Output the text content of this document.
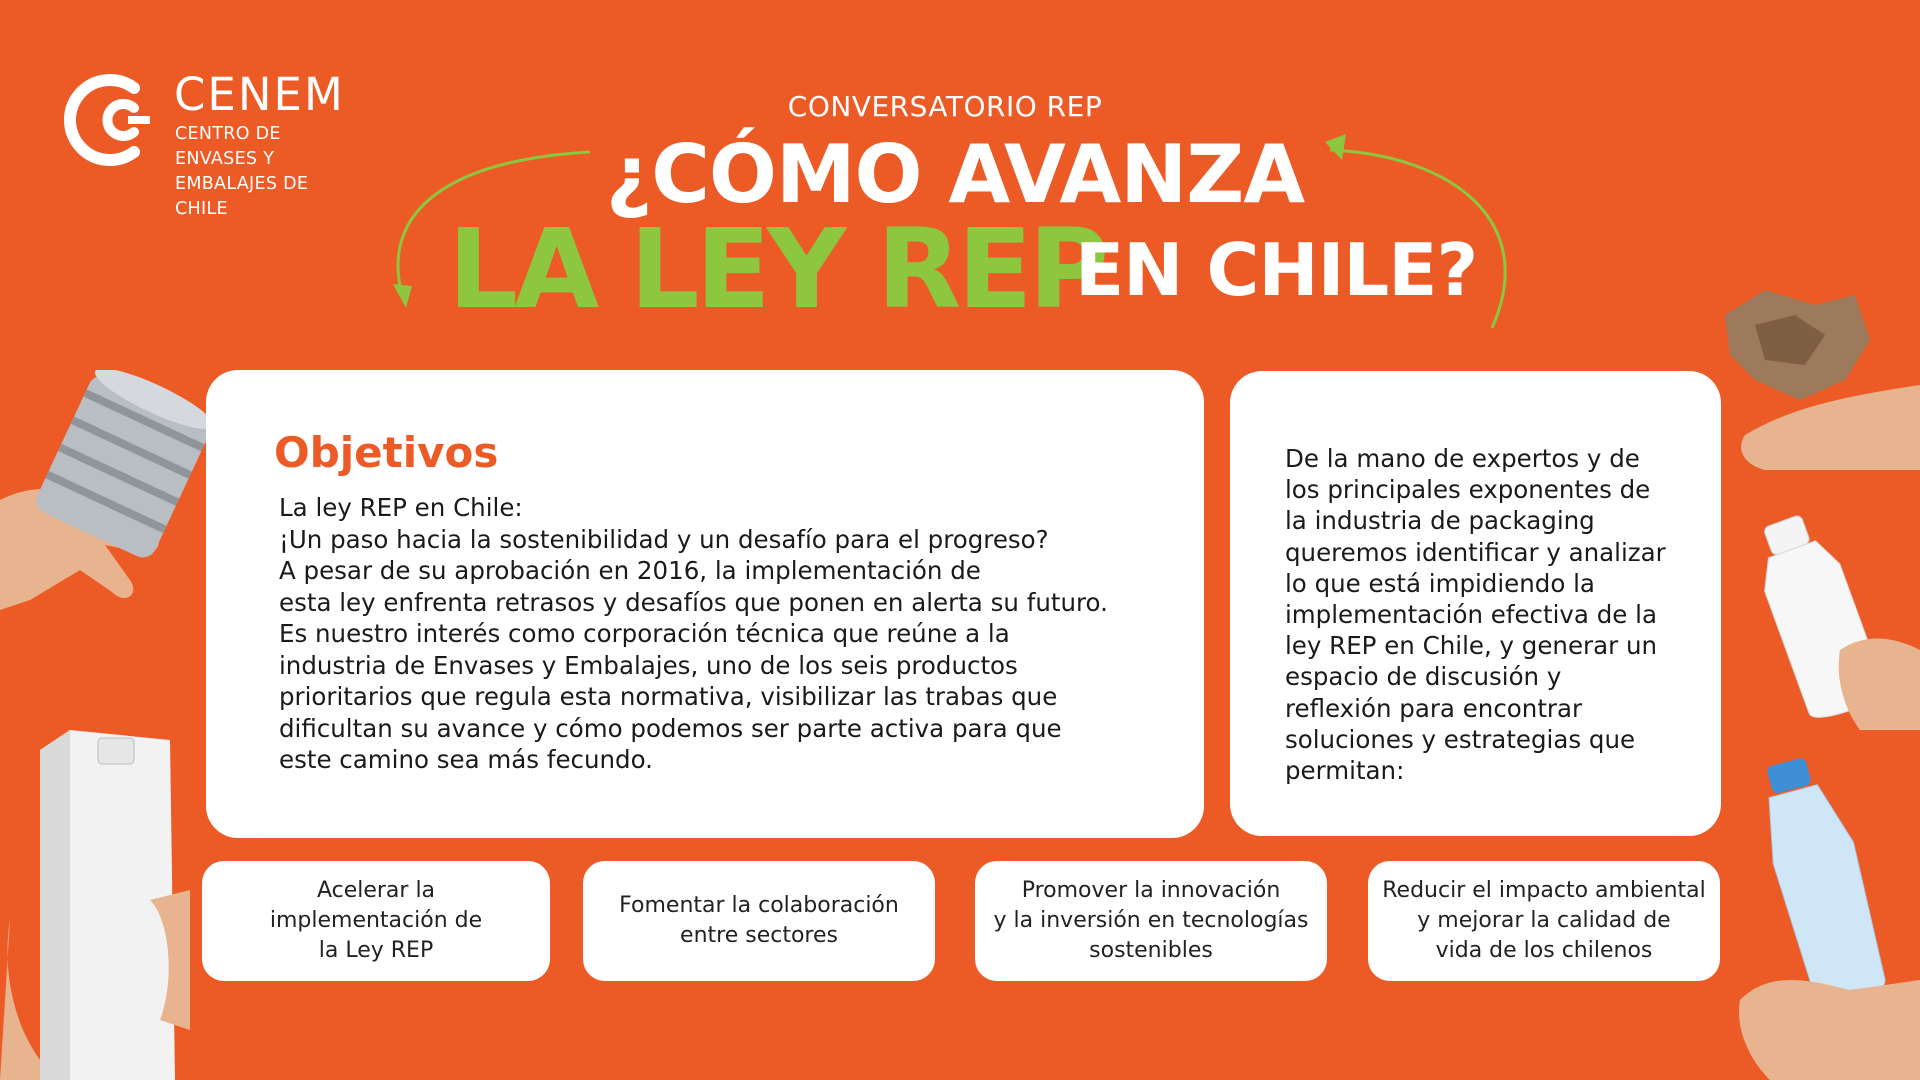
CENEM
CENTRO DE ENVASES Y
EMBALAJES DE CHILE
CONVERSATORIO REP
¿CÓMO AVANZA
LA LEY REP
EN CHILE?
Objetivos
La ley REP en Chile:
¡Un paso hacia la sostenibilidad y un desafío para el progreso?
A pesar de su aprobación en 2016, la implementación de
esta ley enfrenta retrasos y desafíos que ponen en alerta su futuro.
Es nuestro interés como corporación técnica que reúne a la
industria de Envases y Embalajes, uno de los seis productos
prioritarios que regula esta normativa, visibilizar las trabas que
dificultan su avance y cómo podemos ser parte activa para que
este camino sea más fecundo.
De la mano de expertos y de
los principales exponentes de
la industria de packaging
queremos identificar y analizar
lo que está impidiendo la
implementación efectiva de la
ley REP en Chile, y generar un
espacio de discusión y
reflexión para encontrar
soluciones y estrategias que
permitan:
Acelerar la
implementación de
la Ley REP
Fomentar la colaboración
entre sectores
Promover la innovación
y la inversión en tecnologías
sostenibles
Reducir el impacto ambiental
y mejorar la calidad de
vida de los chilenos
